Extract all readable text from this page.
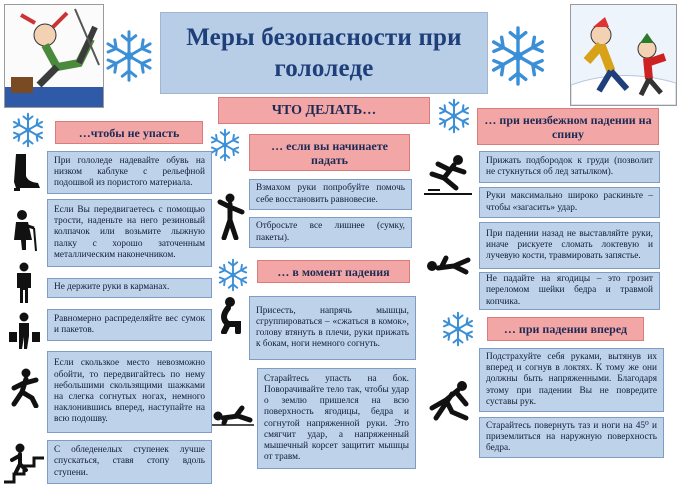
Меры безопасности при гололеде
ЧТО ДЕЛАТЬ…
…чтобы не упасть
При гололеде надевайте обувь на низком каблуке с рельефной подошвой из пористого материала.
Если Вы передвигаетесь с помощью трости, наденьте на него резиновый колпачок или возьмите лыжную палку с хорошо заточенным металлическим наконечником.
Не держите руки в карманах.
Равномерно распределяйте вес сумок и пакетов.
Если скользкое место невозможно обойти, то передвигайтесь по нему небольшими скользящими шажками на слегка согнутых ногах, немного наклонившись вперед, наступайте на всю подошву.
С обледенелых ступенек лучше спускаться, ставя стопу вдоль ступени.
… если вы начинаете падать
Взмахом руки попробуйте помочь себе восстановить равновесие.
Отбросьте все лишнее (сумку, пакеты).
… в момент падения
Присесть, напрячь мышцы, сгруппироваться – «сжаться в комок», голову втянуть в плечи, руки прижать к бокам, ноги немного согнуть.
Старайтесь упасть на бок. Поворачивайте тело так, чтобы удар о землю пришелся на всю поверхность ягодицы, бедра и согнутой напряженной руки. Это смягчит удар, а напряженный мышечный корсет защитит мышцы от травм.
… при неизбежном падении на спину
Прижать подбородок к груди (позволит не стукнуться об лед затылком).
Руки максимально широко раскиньте – чтобы «загасить» удар.
При падении назад не выставляйте руки, иначе рискуете сломать локтевую и лучевую кости, травмировать запястье.
Не падайте на ягодицы – это грозит переломом шейки бедра и травмой копчика.
… при падении вперед
Подстрахуйте себя руками, вытянув их вперед и согнув в локтях. К тому же они должны быть напряженными. Благодаря этому при падении Вы не повредите суставы рук.
Старайтесь повернуть таз и ноги на 45⁰ и приземлиться на наружную поверхность бедра.
